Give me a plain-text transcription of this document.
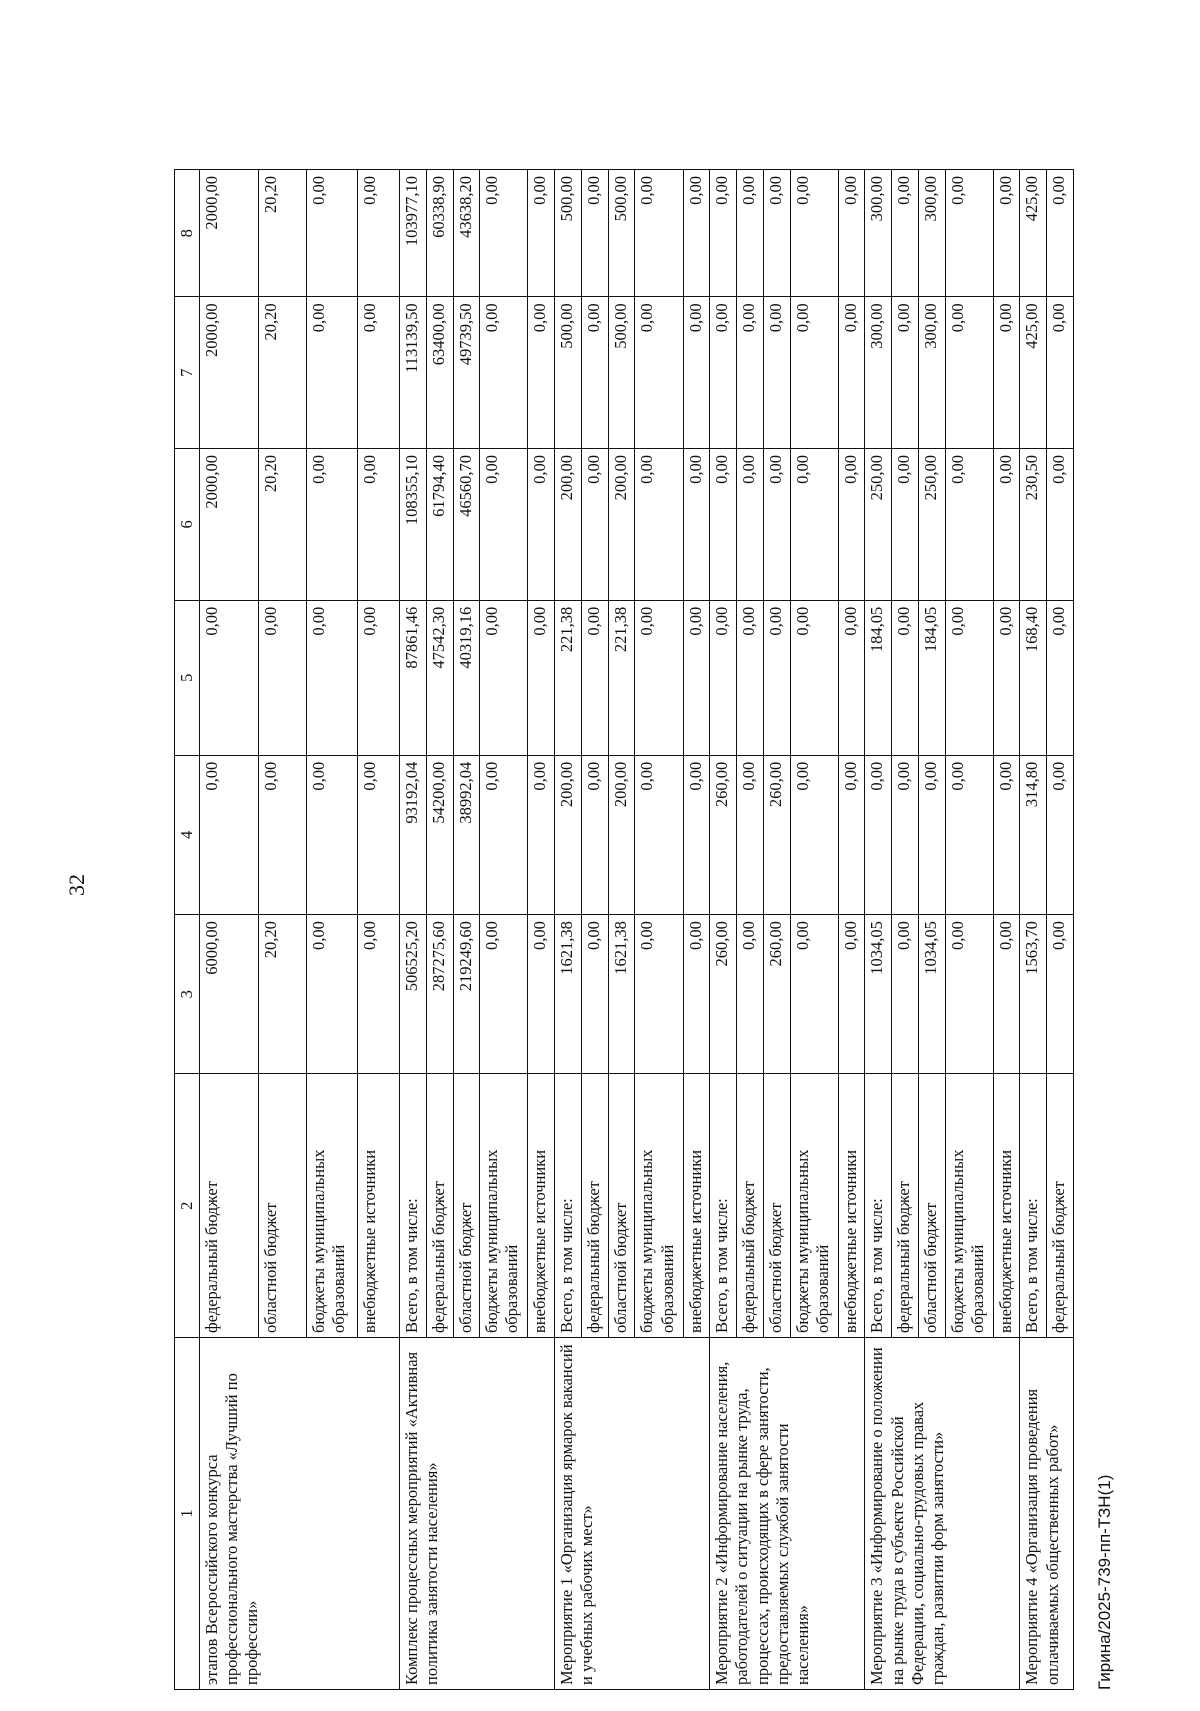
32
1	2	3	4	5	6	7	8
этапов Всероссийского конкурса профессионального мастерства «Лучший по профессии»	федеральный бюджет	6000,00	0,00	0,00	2000,00	2000,00	2000,00
	областной бюджет	20,20	0,00	0,00	20,20	20,20	20,20
	бюджеты муниципальных образований	0,00	0,00	0,00	0,00	0,00	0,00
	внебюджетные источники	0,00	0,00	0,00	0,00	0,00	0,00
Комплекс процессных мероприятий «Активная политика занятости населения»	Всего, в том числе:	506525,20	93192,04	87861,46	108355,10	113139,50	103977,10
	федеральный бюджет	287275,60	54200,00	47542,30	61794,40	63400,00	60338,90
	областной бюджет	219249,60	38992,04	40319,16	46560,70	49739,50	43638,20
	бюджеты муниципальных образований	0,00	0,00	0,00	0,00	0,00	0,00
	внебюджетные источники	0,00	0,00	0,00	0,00	0,00	0,00
Мероприятие 1 «Организация ярмарок вакансий и учебных рабочих мест»	Всего, в том числе:	1621,38	200,00	221,38	200,00	500,00	500,00
	федеральный бюджет	0,00	0,00	0,00	0,00	0,00	0,00
	областной бюджет	1621,38	200,00	221,38	200,00	500,00	500,00
	бюджеты муниципальных образований	0,00	0,00	0,00	0,00	0,00	0,00
	внебюджетные источники	0,00	0,00	0,00	0,00	0,00	0,00
Мероприятие 2 «Информирование населения, работодателей о ситуации на рынке труда, процессах, происходящих в сфере занятости, предоставляемых службой занятости населения»	Всего, в том числе:	260,00	260,00	0,00	0,00	0,00	0,00
	федеральный бюджет	0,00	0,00	0,00	0,00	0,00	0,00
	областной бюджет	260,00	260,00	0,00	0,00	0,00	0,00
	бюджеты муниципальных образований	0,00	0,00	0,00	0,00	0,00	0,00
	внебюджетные источники	0,00	0,00	0,00	0,00	0,00	0,00
Мероприятие 3 «Информирование о положении на рынке труда в субъекте Российской Федерации, социально-трудовых правах граждан, развитии форм занятости»	Всего, в том числе:	1034,05	0,00	184,05	250,00	300,00	300,00
	федеральный бюджет	0,00	0,00	0,00	0,00	0,00	0,00
	областной бюджет	1034,05	0,00	184,05	250,00	300,00	300,00
	бюджеты муниципальных образований	0,00	0,00	0,00	0,00	0,00	0,00
	внебюджетные источники	0,00	0,00	0,00	0,00	0,00	0,00
Мероприятие 4 «Организация проведения оплачиваемых общественных работ»	Всего, в том числе:	1563,70	314,80	168,40	230,50	425,00	425,00
	федеральный бюджет	0,00	0,00	0,00	0,00	0,00	0,00
Гирина/2025-739-пп-ТЗН(1)
